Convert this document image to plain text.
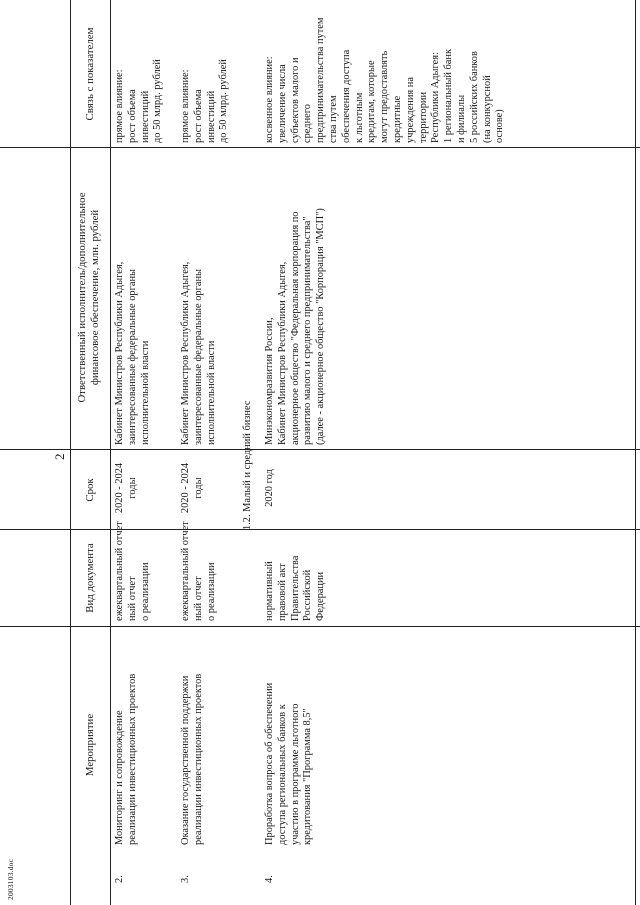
2
Мероприятие
Вид документа
Срок
Ответственный исполнитель/дополнительное финансовое обеспечение, млн. рублей
Связь с показателем
2.
Мониторинг и сопровождение реализации инвестиционных проектов
ежеквартальный отчет ный отчет о реализации
2020 - 2024 годы
Кабинет Министров Республики Адыгея, заинтересованные федеральные органы исполнительной власти
прямое влияние: рост объема инвестиций до 50 млрд. рублей
3.
Оказание государственной поддержки реализации инвестиционных проектов
ежеквартальный отчет ный отчет о реализации
2020 - 2024 годы
Кабинет Министров Республики Адыгея, заинтересованные федеральные органы исполнительной власти
прямое влияние: рост объема инвестиций до 50 млрд. рублей
1.2. Малый и средний бизнес
4.
Проработка вопроса об обеспечении доступа региональных банков к участию в программе льготного кредитования "Программа 8,5"
нормативный правовой акт Правительства Российской Федерации
2020 год
Минэкономразвития России, Кабинет Министров Республики Адыгея, акционерное общество "Федеральная корпорация по развитию малого и среднего предпринимательства" (далее - акционерное общество "Корпорация "МСП")
косвенное влияние: увеличение числа субъектов малого и среднего предпринимательства путем ства путем обеспечения доступа к льготным кредитам, которые могут предоставлять кредитные учреждения на территории Республики Адыгея: 1 региональный банк и филиалы 5 российских банков (на конкурсной основе)
2003103.doc
